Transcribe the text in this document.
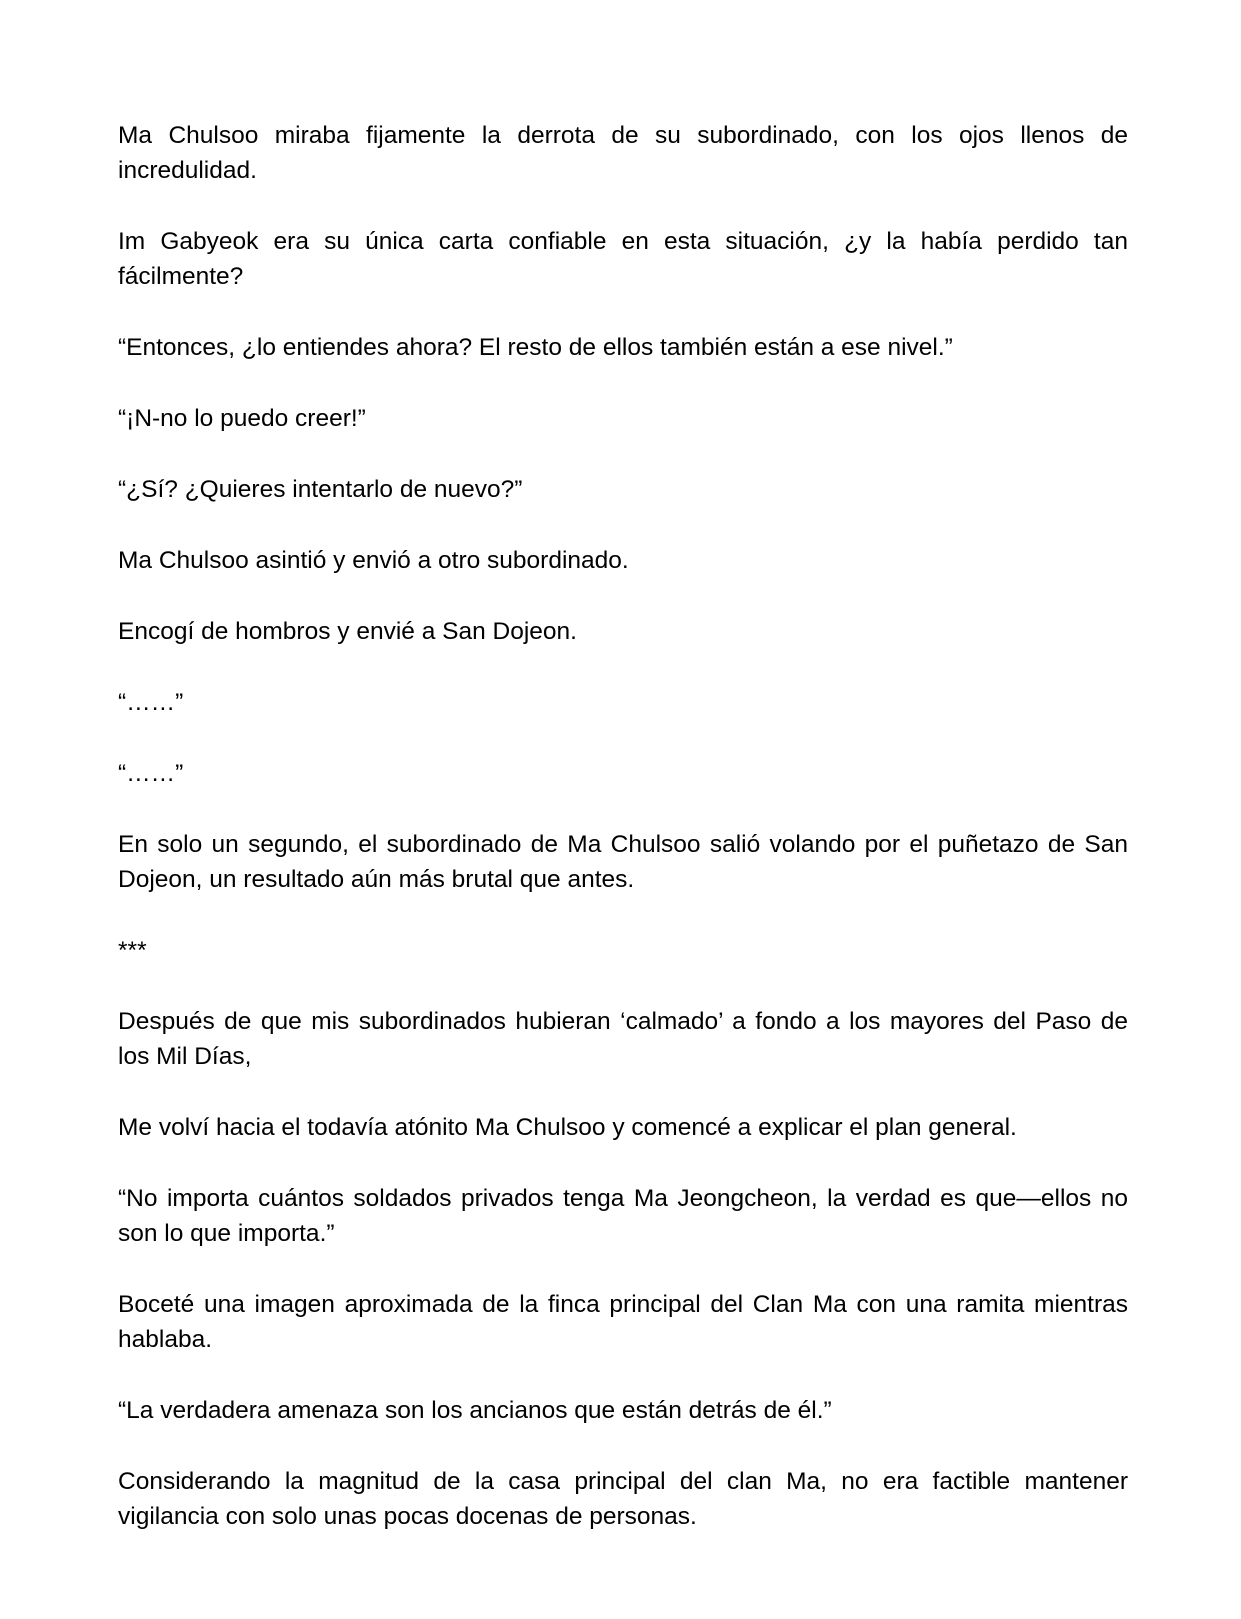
Ma Chulsoo miraba fijamente la derrota de su subordinado, con los ojos llenos de incredulidad.

Im Gabyeok era su única carta confiable en esta situación, ¿y la había perdido tan fácilmente?

“Entonces, ¿lo entiendes ahora? El resto de ellos también están a ese nivel.”

“¡N-no lo puedo creer!”

“¿Sí? ¿Quieres intentarlo de nuevo?”

Ma Chulsoo asintió y envió a otro subordinado.

Encogí de hombros y envié a San Dojeon.

“……”

“……”

En solo un segundo, el subordinado de Ma Chulsoo salió volando por el puñetazo de San Dojeon, un resultado aún más brutal que antes.

***

Después de que mis subordinados hubieran ‘calmado’ a fondo a los mayores del Paso de los Mil Días,

Me volví hacia el todavía atónito Ma Chulsoo y comencé a explicar el plan general.

“No importa cuántos soldados privados tenga Ma Jeongcheon, la verdad es que—ellos no son lo que importa.”

Boceté una imagen aproximada de la finca principal del Clan Ma con una ramita mientras hablaba.

“La verdadera amenaza son los ancianos que están detrás de él.”

Considerando la magnitud de la casa principal del clan Ma, no era factible mantener vigilancia con solo unas pocas docenas de personas.
